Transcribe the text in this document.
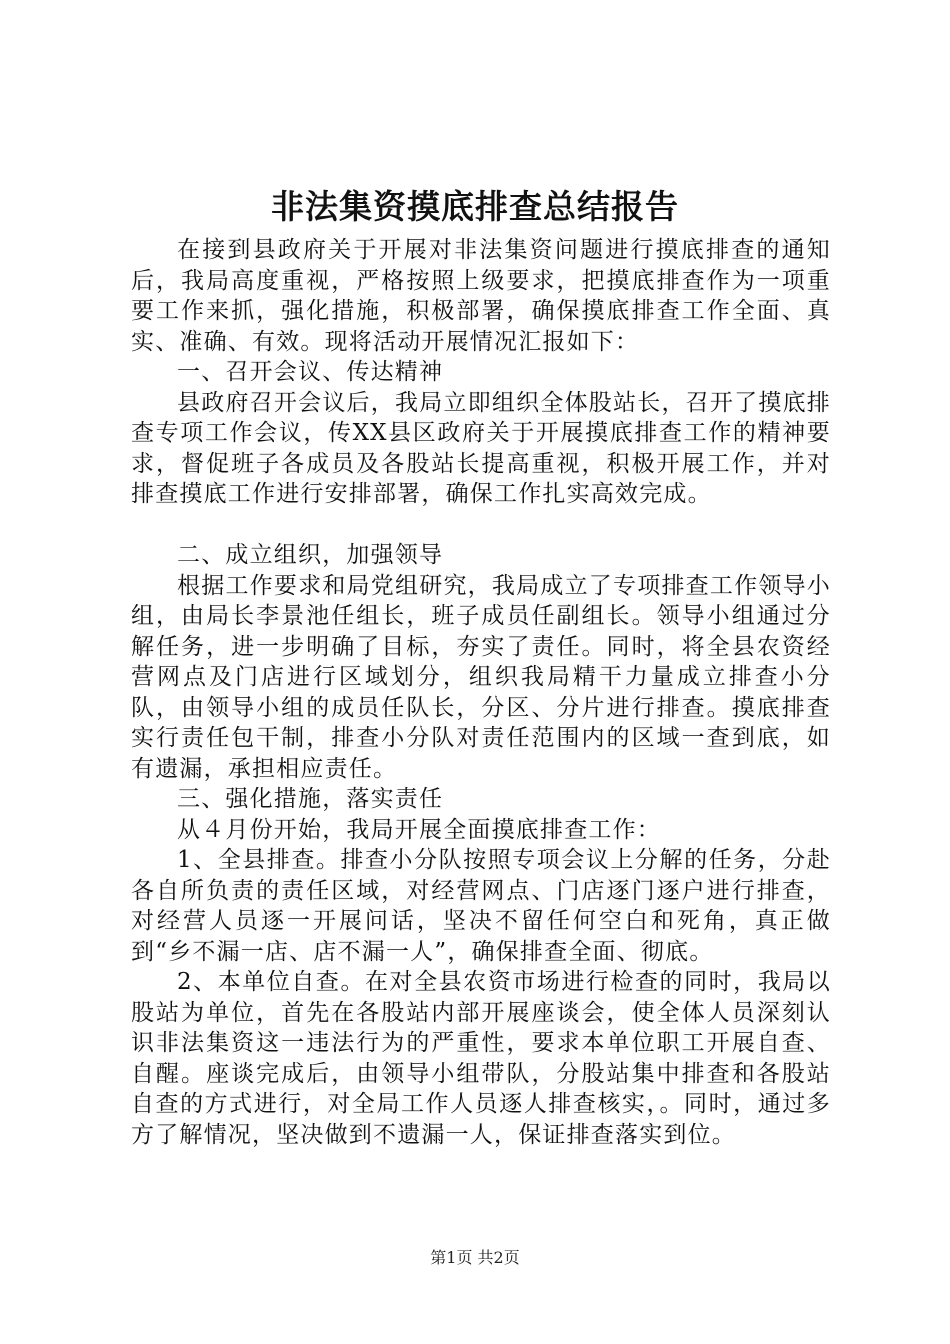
非法集资摸底排查总结报告

在接到县政府关于开展对非法集资问题进行摸底排查的通知后，我局高度重视，严格按照上级要求，把摸底排查作为一项重要工作来抓，强化措施，积极部署，确保摸底排查工作全面、真实、准确、有效。现将活动开展情况汇报如下：

一、召开会议、传达精神

县政府召开会议后，我局立即组织全体股站长，召开了摸底排查专项工作会议，传XX县区政府关于开展摸底排查工作的精神要求，督促班子各成员及各股站长提高重视，积极开展工作，并对排查摸底工作进行安排部署，确保工作扎实高效完成。

二、成立组织，加强领导

根据工作要求和局党组研究，我局成立了专项排查工作领导小组，由局长李景池任组长，班子成员任副组长。领导小组通过分解任务，进一步明确了目标，夯实了责任。同时，将全县农资经营网点及门店进行区域划分，组织我局精干力量成立排查小分队，由领导小组的成员任队长，分区、分片进行排查。摸底排查实行责任包干制，排查小分队对责任范围内的区域一查到底，如有遗漏，承担相应责任。

三、强化措施，落实责任

从４月份开始，我局开展全面摸底排查工作：

1、全县排查。排查小分队按照专项会议上分解的任务，分赴各自所负责的责任区域，对经营网点、门店逐门逐户进行排查，对经营人员逐一开展问话，坚决不留任何空白和死角，真正做到“乡不漏一店、店不漏一人”，确保排查全面、彻底。

2、本单位自查。在对全县农资市场进行检查的同时，我局以股站为单位，首先在各股站内部开展座谈会，使全体人员深刻认识非法集资这一违法行为的严重性，要求本单位职工开展自查、自醒。座谈完成后，由领导小组带队，分股站集中排查和各股站自查的方式进行，对全局工作人员逐人排查核实，。同时，通过多方了解情况，坚决做到不遗漏一人，保证排查落实到位。

第1页 共2页
